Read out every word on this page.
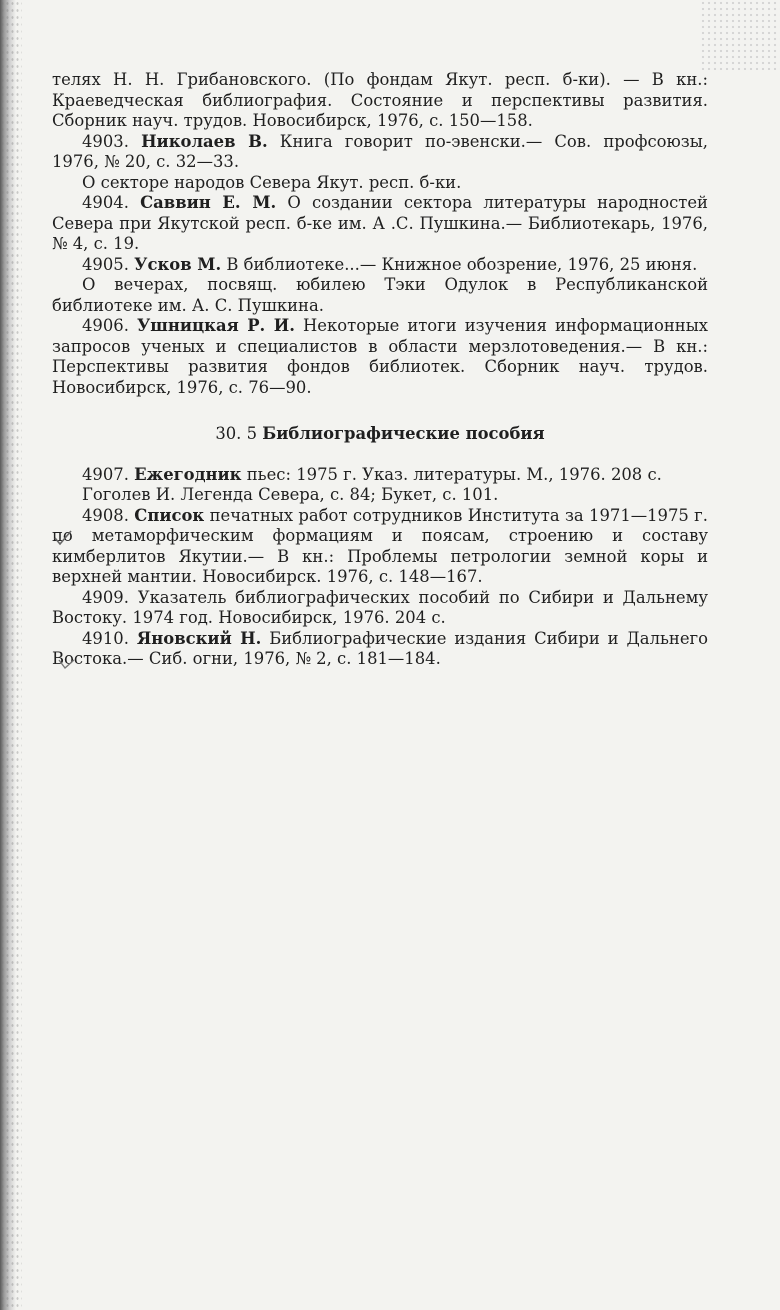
телях Н. Н. Грибановского. (По фондам Якут. респ. б-ки). — В кн.: Краеведческая библиография. Состояние и перспективы развития. Сборник науч. трудов. Новосибирск, 1976, с. 150—158.

4903. Николаев В. Книга говорит по-эвенски.— Сов. профсоюзы, 1976, № 20, с. 32—33.

О секторе народов Севера Якут. респ. б-ки.

4904. Саввин Е. М. О создании сектора литературы народностей Севера при Якутской респ. б-ке им. А .С. Пушкина.— Библиотекарь, 1976, № 4, с. 19.

4905. Усков М. В библиотеке...— Книжное обозрение, 1976, 25 июня.

О вечерах, посвящ. юбилею Тэки Одулок в Республиканской библиотеке им. А. С. Пушкина.

4906. Ушницкая Р. И. Некоторые итоги изучения информационных запросов ученых и специалистов в области мерзлотоведения.— В кн.: Перспективы развития фондов библиотек. Сборник науч. трудов. Новосибирск, 1976, с. 76—90.

30. 5 Библиографические пособия

4907. Ежегодник пьес: 1975 г. Указ. литературы. М., 1976. 208 с.

Гоголев И. Легенда Севера, с. 84; Букет, с. 101.

4908. Список печатных работ сотрудников Института за 1971—1975 г. по метаморфическим формациям и поясам, строению и составу кимберлитов Якутии.— В кн.: Проблемы петрологии земной коры и верхней мантии. Новосибирск. 1976, с. 148—167.

4909. Указатель библиографических пособий по Сибири и Дальнему Востоку. 1974 год. Новосибирск, 1976. 204 с.

4910. Яновский Н. Библиографические издания Сибири и Дальнего Востока.— Сиб. огни, 1976, № 2, с. 181—184.
